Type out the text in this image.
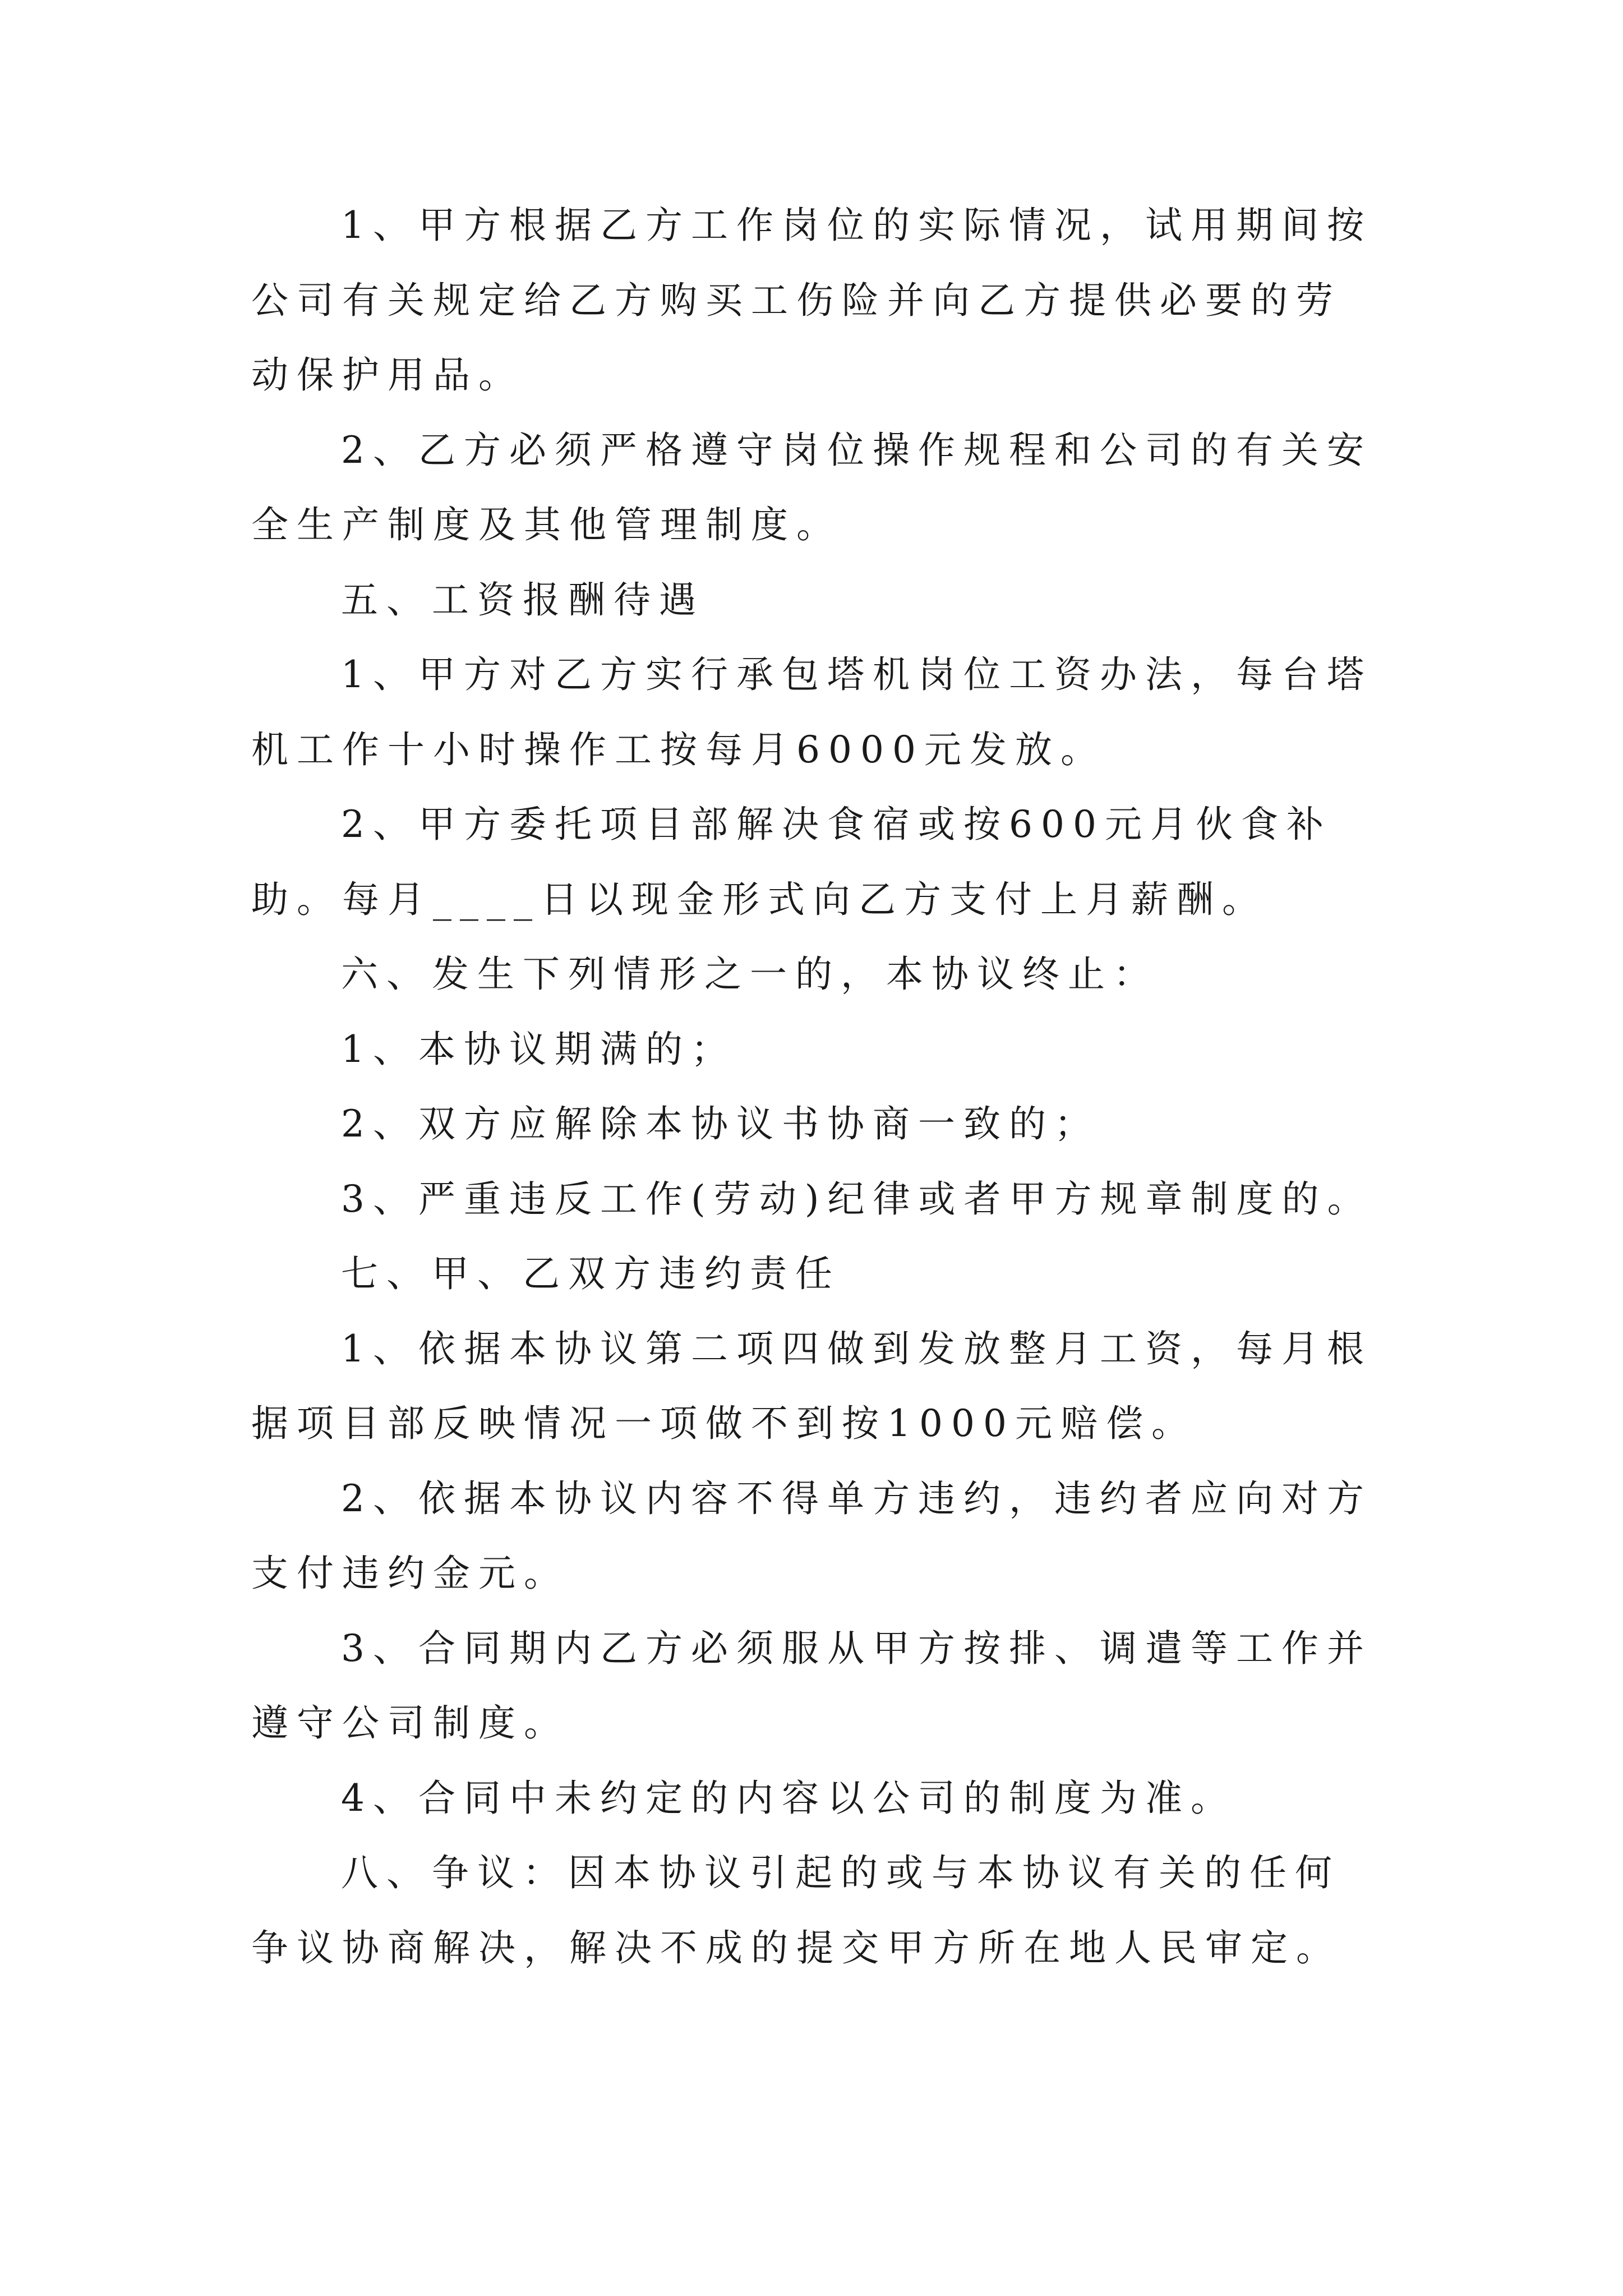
1、甲方根据乙方工作岗位的实际情况，试用期间按公司有关规定给乙方购买工伤险并向乙方提供必要的劳动保护用品。

2、乙方必须严格遵守岗位操作规程和公司的有关安全生产制度及其他管理制度。

五、工资报酬待遇

1、甲方对乙方实行承包塔机岗位工资办法，每台塔机工作十小时操作工按每月6000元发放。

2、甲方委托项目部解决食宿或按600元月伙食补助。每月____日以现金形式向乙方支付上月薪酬。

六、发生下列情形之一的，本协议终止：

1、本协议期满的；

2、双方应解除本协议书协商一致的；

3、严重违反工作(劳动)纪律或者甲方规章制度的。

七、甲、乙双方违约责任

1、依据本协议第二项四做到发放整月工资，每月根据项目部反映情况一项做不到按1000元赔偿。

2、依据本协议内容不得单方违约，违约者应向对方支付违约金元。

3、合同期内乙方必须服从甲方按排、调遣等工作并遵守公司制度。

4、合同中未约定的内容以公司的制度为准。

八、争议：因本协议引起的或与本协议有关的任何争议协商解决，解决不成的提交甲方所在地人民审定。
